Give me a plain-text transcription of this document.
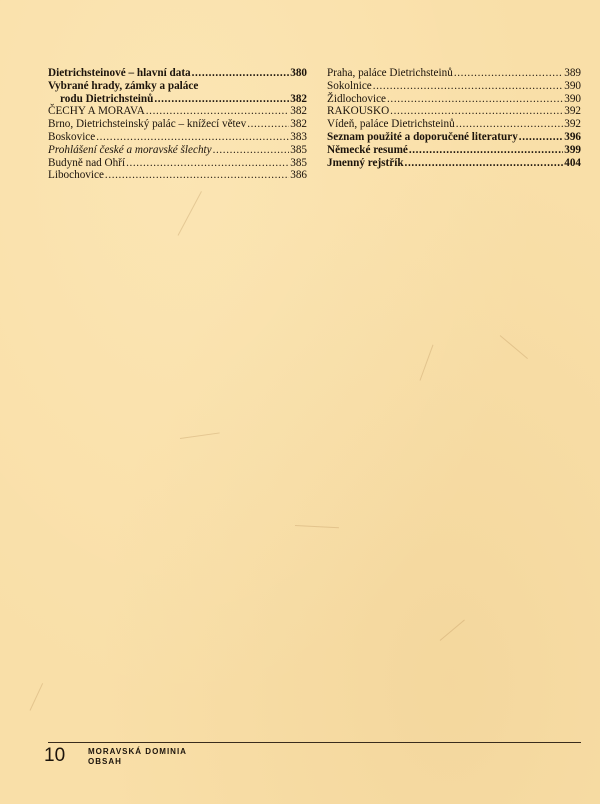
Dietrichsteinové – hlavní data . . .	380
Vybrané hrady, zámky a paláce
rodu Dietrichsteinů . . .	382
ČECHY A MORAVA . . .	382
Brno, Dietrichsteinský palác – knížecí větev . . .	382
Boskovice . . .	383
Prohlášení české a moravské šlechty . . .	385
Budyně nad Ohří . . .	385
Libochovice . . .	386
Praha, paláce Dietrichsteinů . . .	389
Sokolnice . . .	390
Židlochovice . . .	390
RAKOUSKO . . .	392
Vídeň, paláce Dietrichsteinů . . .	392
Seznam použité a doporučené literatury . . .	396
Německé resumé . . .	399
Jmenný rejstřík . . .	404
10	MORAVSKÁ DOMINIA
OBSAH
